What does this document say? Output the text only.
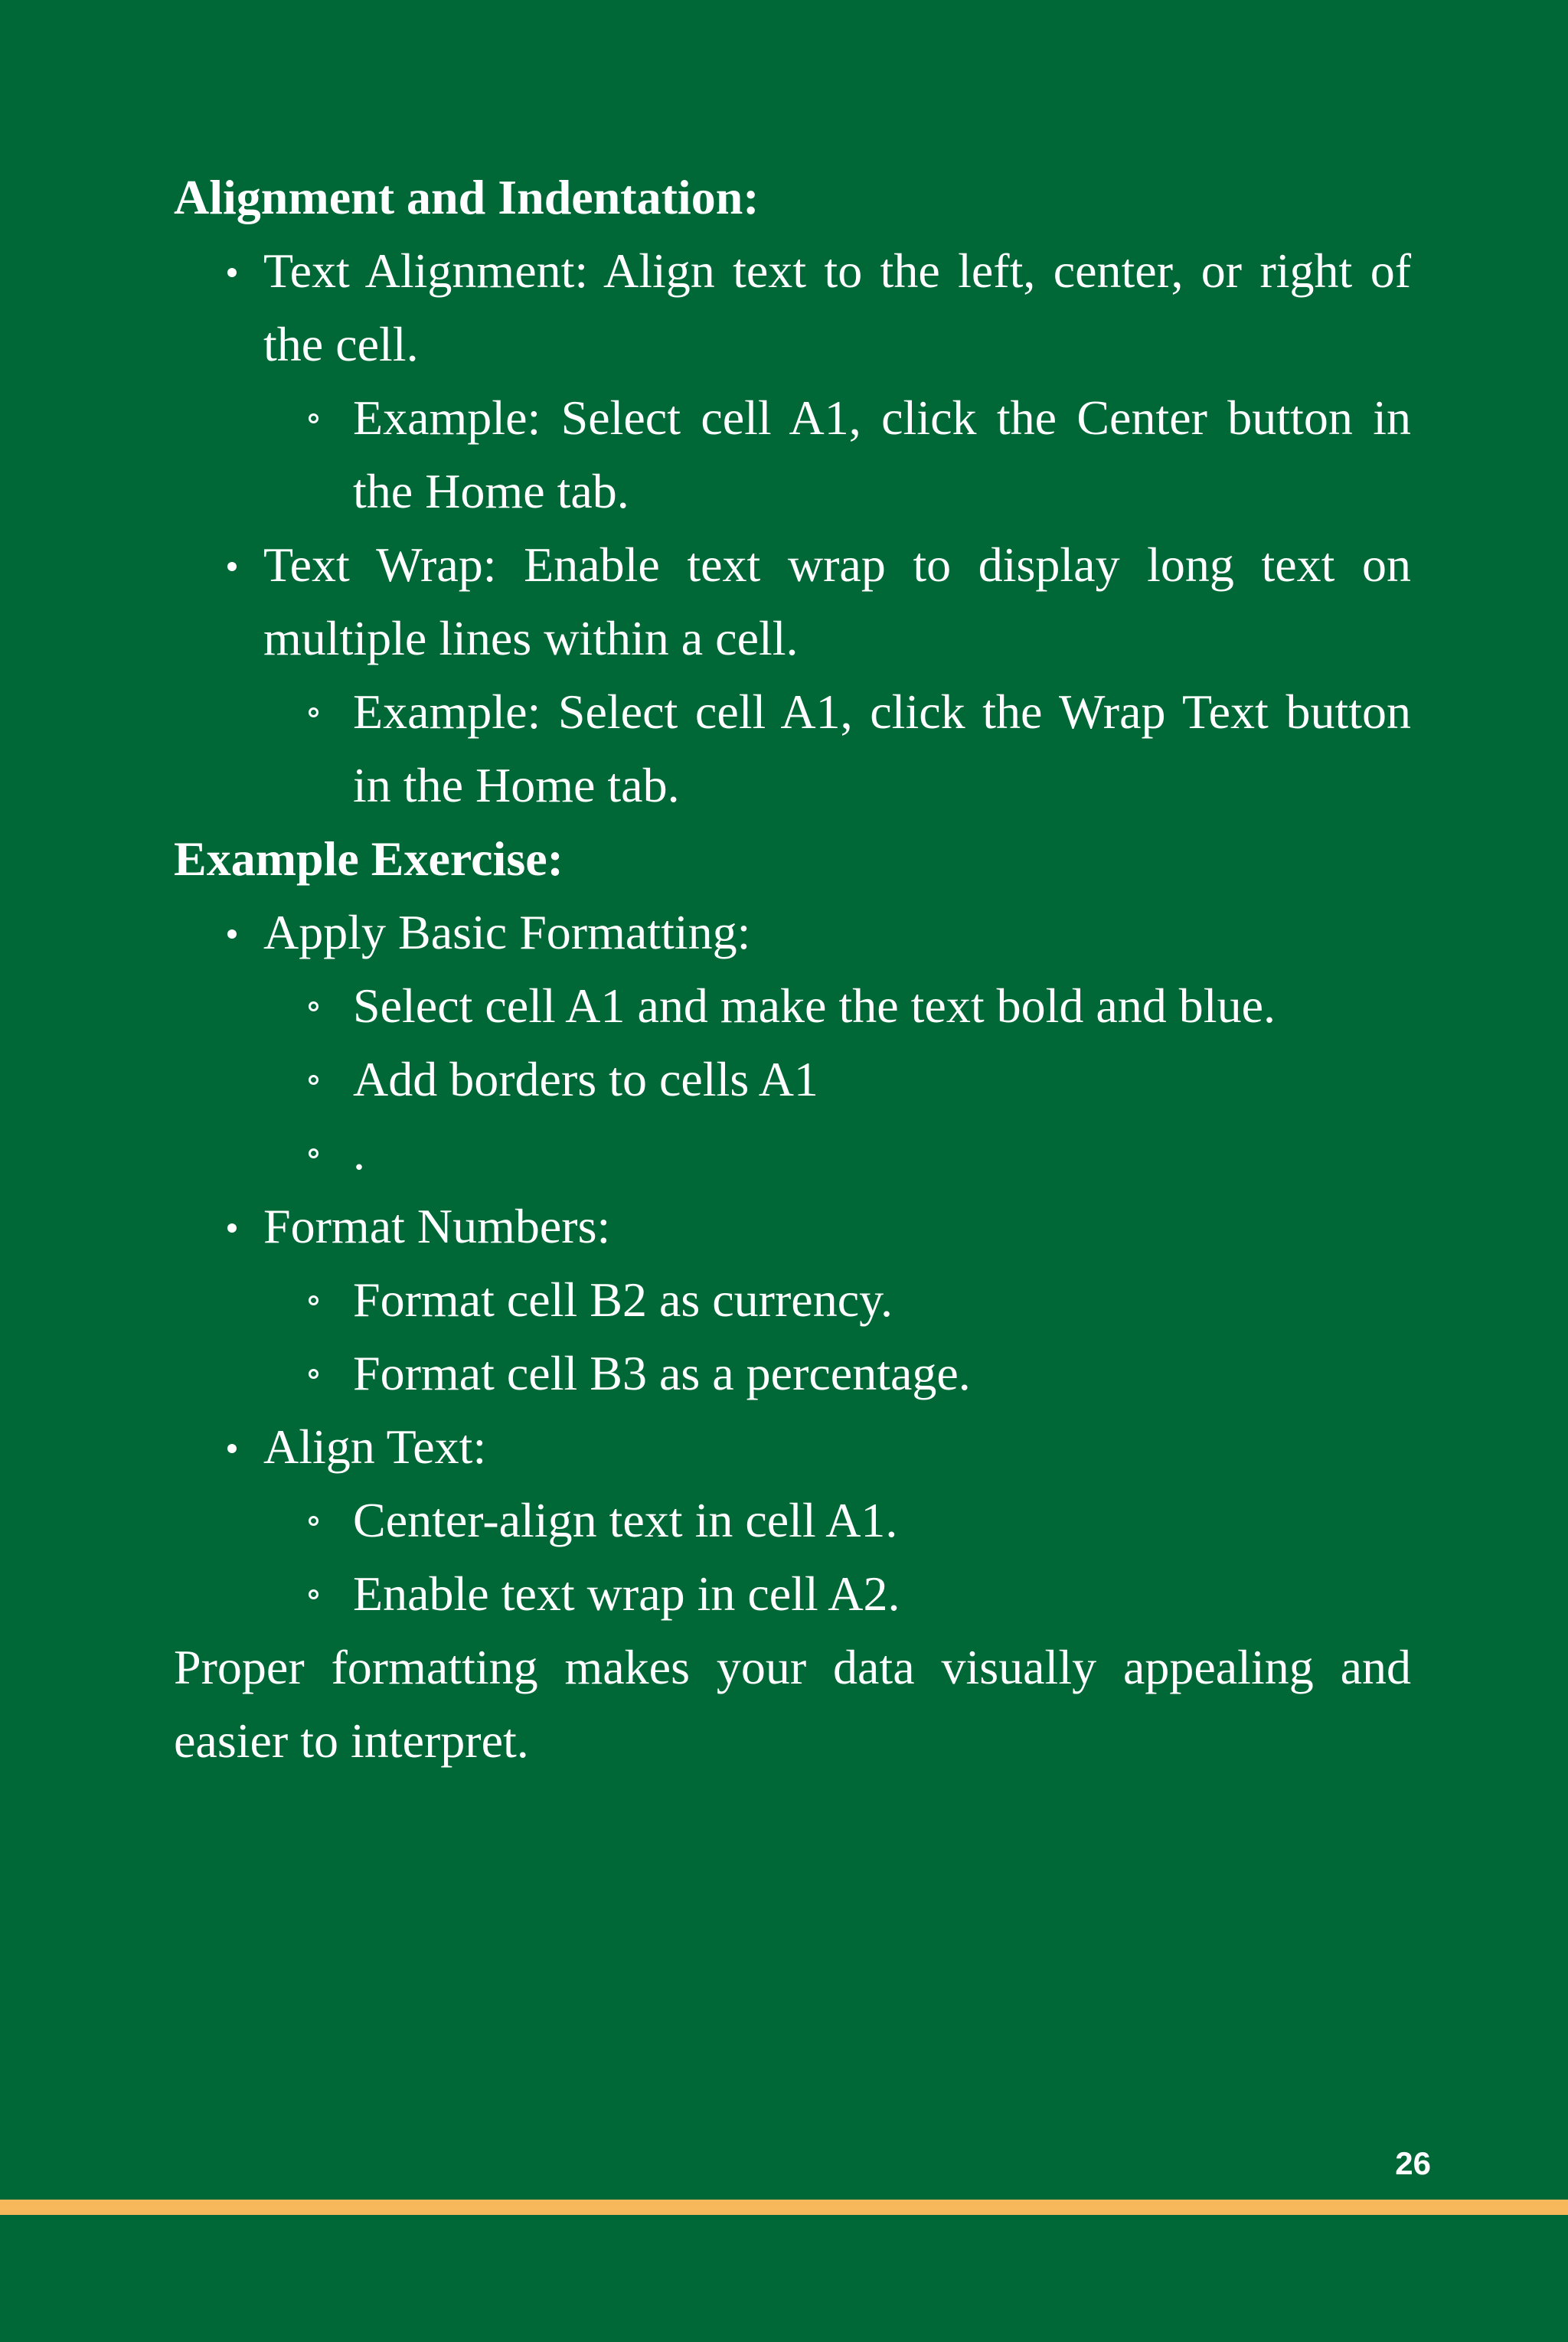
Alignment and Indentation:

Text Alignment: Align text to the left, center, or right of the cell.
Example: Select cell A1, click the Center button in the Home tab.
Text Wrap: Enable text wrap to display long text on multiple lines within a cell.
Example: Select cell A1, click the Wrap Text button in the Home tab.

Example Exercise:

Apply Basic Formatting:
Select cell A1 and make the text bold and blue.
Add borders to cells A1
.
Format Numbers:
Format cell B2 as currency.
Format cell B3 as a percentage.
Align Text:
Center-align text in cell A1.
Enable text wrap in cell A2.

Proper formatting makes your data visually appealing and easier to interpret.

26
